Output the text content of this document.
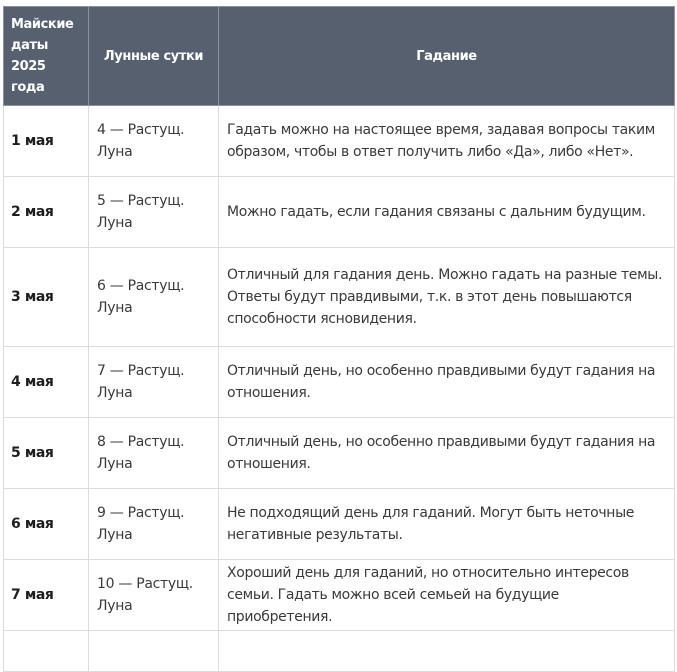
Майские даты 2025 года	Лунные сутки	Гадание
1 мая	4 — Растущ. Луна	Гадать можно на настоящее время, задавая вопросы таким образом, чтобы в ответ получить либо «Да», либо «Нет».
2 мая	5 — Растущ. Луна	Можно гадать, если гадания связаны с дальним будущим.
3 мая	6 — Растущ. Луна	Отличный для гадания день. Можно гадать на разные темы. Ответы будут правдивыми, т.к. в этот день повышаются способности ясновидения.
4 мая	7 — Растущ. Луна	Отличный день, но особенно правдивыми будут гадания на отношения.
5 мая	8 — Растущ. Луна	Отличный день, но особенно правдивыми будут гадания на отношения.
6 мая	9 — Растущ. Луна	Не подходящий день для гаданий. Могут быть неточные негативные результаты.
7 мая	10 — Растущ. Луна	Хороший день для гаданий, но относительно интересов семьи. Гадать можно всей семьей на будущие приобретения.
